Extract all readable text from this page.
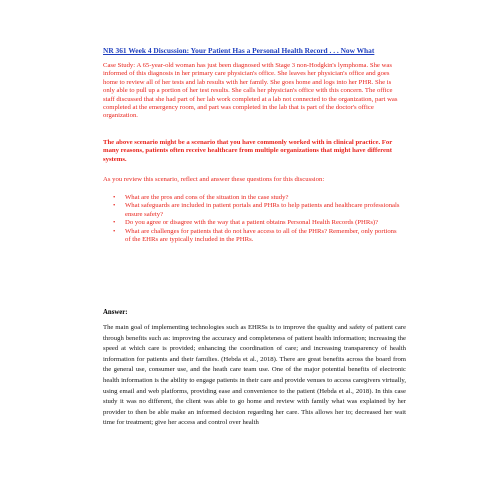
NR 361 Week 4 Discussion: Your Patient Has a Personal Health Record . . . Now What
Case Study: A 65-year-old woman has just been diagnosed with Stage 3 non-Hodgkin's lymphoma. She was informed of this diagnosis in her primary care physician's office. She leaves her physician's office and goes home to review all of her tests and lab results with her family. She goes home and logs into her PHR. She is only able to pull up a portion of her test results. She calls her physician's office with this concern. The office staff discussed that she had part of her lab work completed at a lab not connected to the organization, part was completed at the emergency room, and part was completed in the lab that is part of the doctor's office organization.
The above scenario might be a scenario that you have commonly worked with in clinical practice. For many reasons, patients often receive healthcare from multiple organizations that might have different systems.
As you review this scenario, reflect and answer these questions for this discussion:
• What are the pros and cons of the situation in the case study?
• What safeguards are included in patient portals and PHRs to help patients and healthcare professionals ensure safety?
• Do you agree or disagree with the way that a patient obtains Personal Health Records (PHRs)?
• What are challenges for patients that do not have access to all of the PHRs? Remember, only portions of the EHRs are typically included in the PHRs.
Answer:
The main goal of implementing technologies such as EHRSs is to improve the quality and safety of patient care through benefits such as: improving the accuracy and completeness of patient health information; increasing the speed at which care is provided; enhancing the coordination of care; and increasing transparency of health information for patients and their families. (Hebda et al., 2018). There are great benefits across the board from the general use, consumer use, and the heath care team use. One of the major potential benefits of electronic health information is the ability to engage patients in their care and provide venues to access caregivers virtually, using email and web platforms, providing ease and convenience to the patient (Hebda et al., 2018). In this case study it was no different, the client was able to go home and review with family what was explained by her provider to then be able make an informed decision regarding her care. This allows her to; decreased her wait time for treatment; give her access and control over health
